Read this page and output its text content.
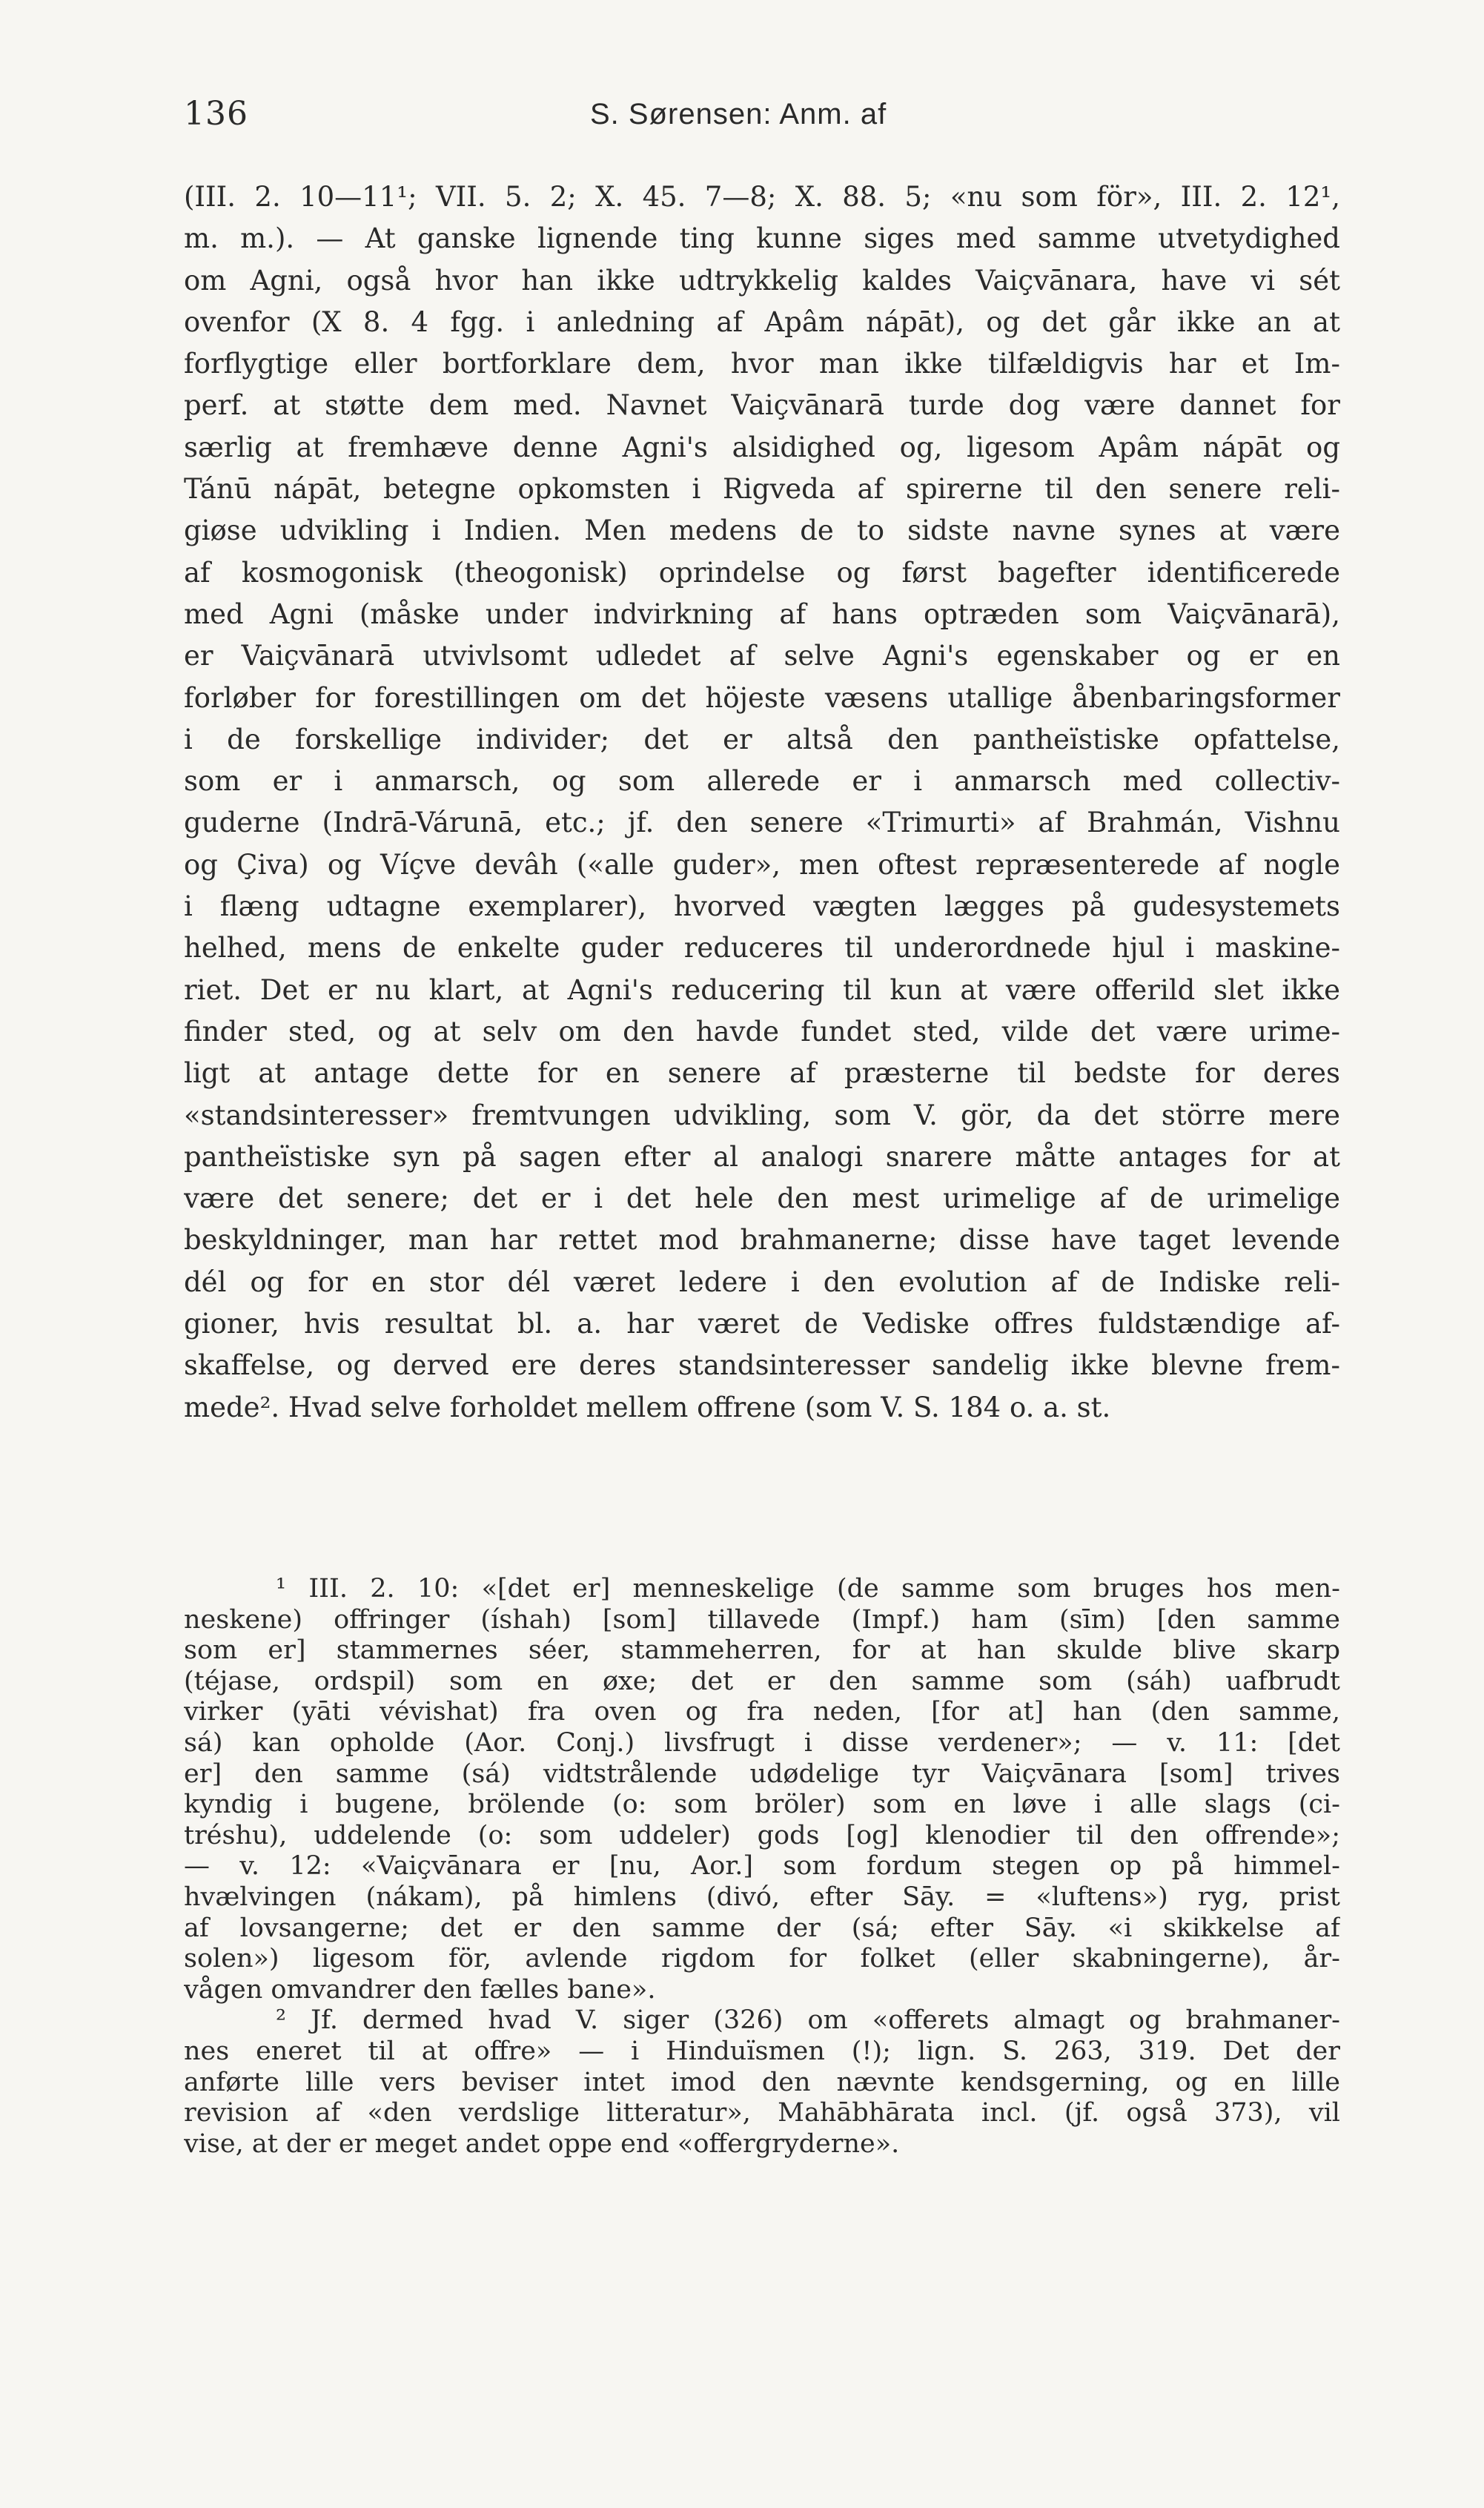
136	S. Sørensen: Anm. af
(III. 2. 10—11¹; VII. 5. 2; X. 45. 7—8; X. 88. 5; «nu som för», III. 2. 12¹,
m. m.). — At ganske lignende ting kunne siges med samme utvetydighed
om Agni, også hvor han ikke udtrykkelig kaldes Vaiçvānara, have vi sét
ovenfor (X 8. 4 fgg. i anledning af Apâm nápāt), og det går ikke an at
forflygtige eller bortforklare dem, hvor man ikke tilfældigvis har et Im-
perf. at støtte dem med. Navnet Vaiçvānarā turde dog være dannet for
særlig at fremhæve denne Agni's alsidighed og, ligesom Apâm nápāt og
Tánū nápāt, betegne opkomsten i Rigveda af spirerne til den senere reli-
giøse udvikling i Indien. Men medens de to sidste navne synes at være
af kosmogonisk (theogonisk) oprindelse og først bagefter identificerede
med Agni (måske under indvirkning af hans optræden som Vaiçvānarā),
er Vaiçvānarā utvivlsomt udledet af selve Agni's egenskaber og er en
forløber for forestillingen om det höjeste væsens utallige åbenbaringsformer
i de forskellige individer; det er altså den pantheïstiske opfattelse,
som er i anmarsch, og som allerede er i anmarsch med collectiv-
guderne (Indrā-Várunā, etc.; jf. den senere «Trimurti» af Brahmán, Vishnu
og Çiva) og Víçve devâh («alle guder», men oftest repræsenterede af nogle
i flæng udtagne exemplarer), hvorved vægten lægges på gudesystemets
helhed, mens de enkelte guder reduceres til underordnede hjul i maskine-
riet. Det er nu klart, at Agni's reducering til kun at være offerild slet ikke
finder sted, og at selv om den havde fundet sted, vilde det være urime-
ligt at antage dette for en senere af præsterne til bedste for deres
«standsinteresser» fremtvungen udvikling, som V. gör, da det större mere
pantheïstiske syn på sagen efter al analogi snarere måtte antages for at
være det senere; det er i det hele den mest urimelige af de urimelige
beskyldninger, man har rettet mod brahmanerne; disse have taget levende
dél og for en stor dél været ledere i den evolution af de Indiske reli-
gioner, hvis resultat bl. a. har været de Vediske offres fuldstændige af-
skaffelse, og derved ere deres standsinteresser sandelig ikke blevne frem-
mede². Hvad selve forholdet mellem offrene (som V. S. 184 o. a. st.
¹ III. 2. 10: «[det er] menneskelige (de samme som bruges hos men-
neskene) offringer (íshah) [som] tillavede (Impf.) ham (sīm) [den samme
som er] stammernes séer, stammeherren, for at han skulde blive skarp
(téjase, ordspil) som en øxe; det er den samme som (sáh) uafbrudt
virker (yāti vévishat) fra oven og fra neden, [for at] han (den samme,
sá) kan opholde (Aor. Conj.) livsfrugt i disse verdener»; — v. 11: [det
er] den samme (sá) vidtstrålende udødelige tyr Vaiçvānara [som] trives
kyndig i bugene, brölende (o: som bröler) som en løve i alle slags (ci-
tréshu), uddelende (o: som uddeler) gods [og] klenodier til den offrende»;
— v. 12: «Vaiçvānara er [nu, Aor.] som fordum stegen op på himmel-
hvælvingen (nákam), på himlens (divó, efter Sāy. = «luftens») ryg, prist
af lovsangerne; det er den samme der (sá; efter Sāy. «i skikkelse af
solen») ligesom för, avlende rigdom for folket (eller skabningerne), år-
vågen omvandrer den fælles bane».
² Jf. dermed hvad V. siger (326) om «offerets almagt og brahmaner-
nes eneret til at offre» — i Hinduïsmen (!); lign. S. 263, 319. Det der
anførte lille vers beviser intet imod den nævnte kendsgerning, og en lille
revision af «den verdslige litteratur», Mahābhārata incl. (jf. også 373), vil
vise, at der er meget andet oppe end «offergryderne».
